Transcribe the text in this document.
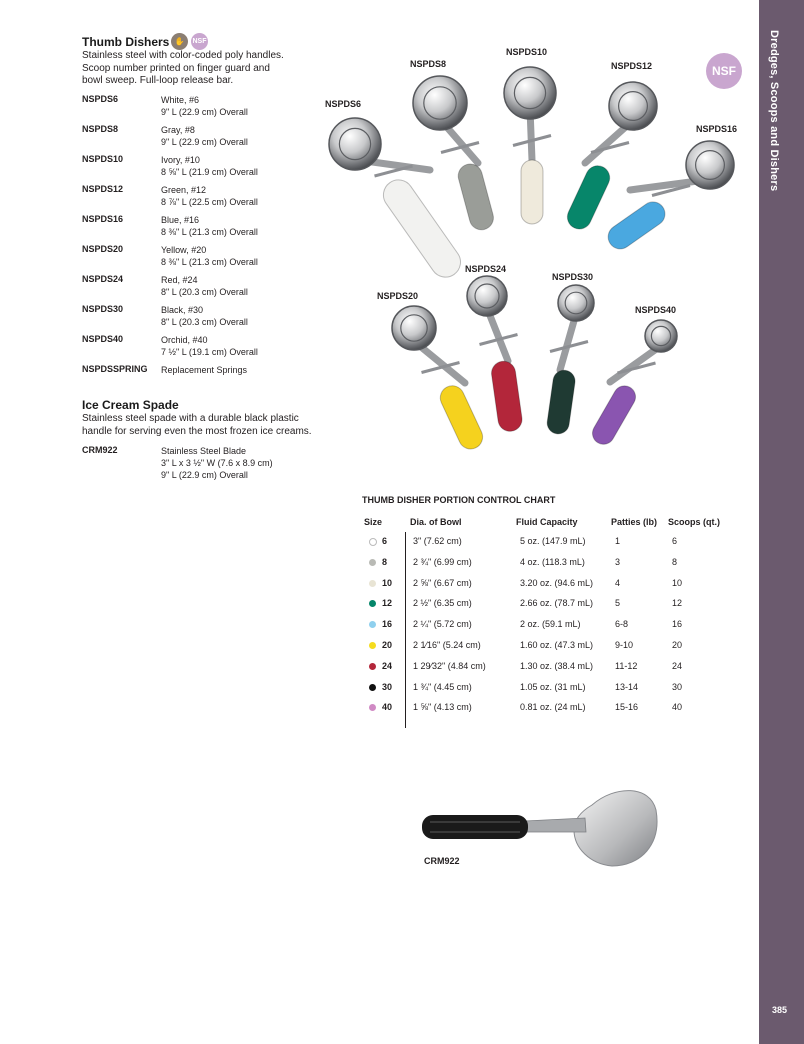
Dredges, Scoops and Dishers
385
Thumb Dishers ✋	NSF
Stainless steel with color-coded poly handles.
Scoop number printed on finger guard and
bowl sweep. Full-loop release bar.
NSPDS6	White, #6
9" L (22.9 cm) Overall
NSPDS8	Gray, #8
9" L (22.9 cm) Overall
NSPDS10	Ivory, #10
8 ⅝" L (21.9 cm) Overall
NSPDS12	Green, #12
8 ⅞" L (22.5 cm) Overall
NSPDS16	Blue, #16
8 ⅜" L (21.3 cm) Overall
NSPDS20	Yellow, #20
8 ⅜" L (21.3 cm) Overall
NSPDS24	Red, #24
8" L (20.3 cm) Overall
NSPDS30	Black, #30
8" L (20.3 cm) Overall
NSPDS40	Orchid, #40
7 ½" L (19.1 cm) Overall
NSPDSSPRING Replacement Springs
Ice Cream Spade
Stainless steel spade with a durable black plastic
handle for serving even the most frozen ice creams.
CRM922	Stainless Steel Blade
3" L x 3 ½" W (7.6 x 8.9 cm)
9" L (22.9 cm) Overall
NSF
NSPDS6
NSPDS8
NSPDS10
NSPDS12
NSPDS16
NSPDS20
NSPDS24
NSPDS30
NSPDS40
CRM922
THUMB DISHER PORTION CONTROL CHART
Size	Dia. of Bowl	Fluid Capacity	Patties (lb) Scoops (qt.)
6	3" (7.62 cm)	5 oz. (147.9 mL)	1	6
8	2 ¾" (6.99 cm)	4 oz. (118.3 mL)	3	8
10 2 ⅝" (6.67 cm)	3.20 oz. (94.6 mL) 4	10
12 2 ½" (6.35 cm)	2.66 oz. (78.7 mL) 5	12
16 2 ¼" (5.72 cm)	2 oz. (59.1 mL)	6-8	16
20 2 1⁄16" (5.24 cm)	1.60 oz. (47.3 mL) 9-10	20
24 1 29⁄32" (4.84 cm)	1.30 oz. (38.4 mL) 11-12	24
30 1 ¾" (4.45 cm)	1.05 oz. (31 mL)	13-14	30
40 1 ⅝" (4.13 cm)	0.81 oz. (24 mL)	15-16	40
